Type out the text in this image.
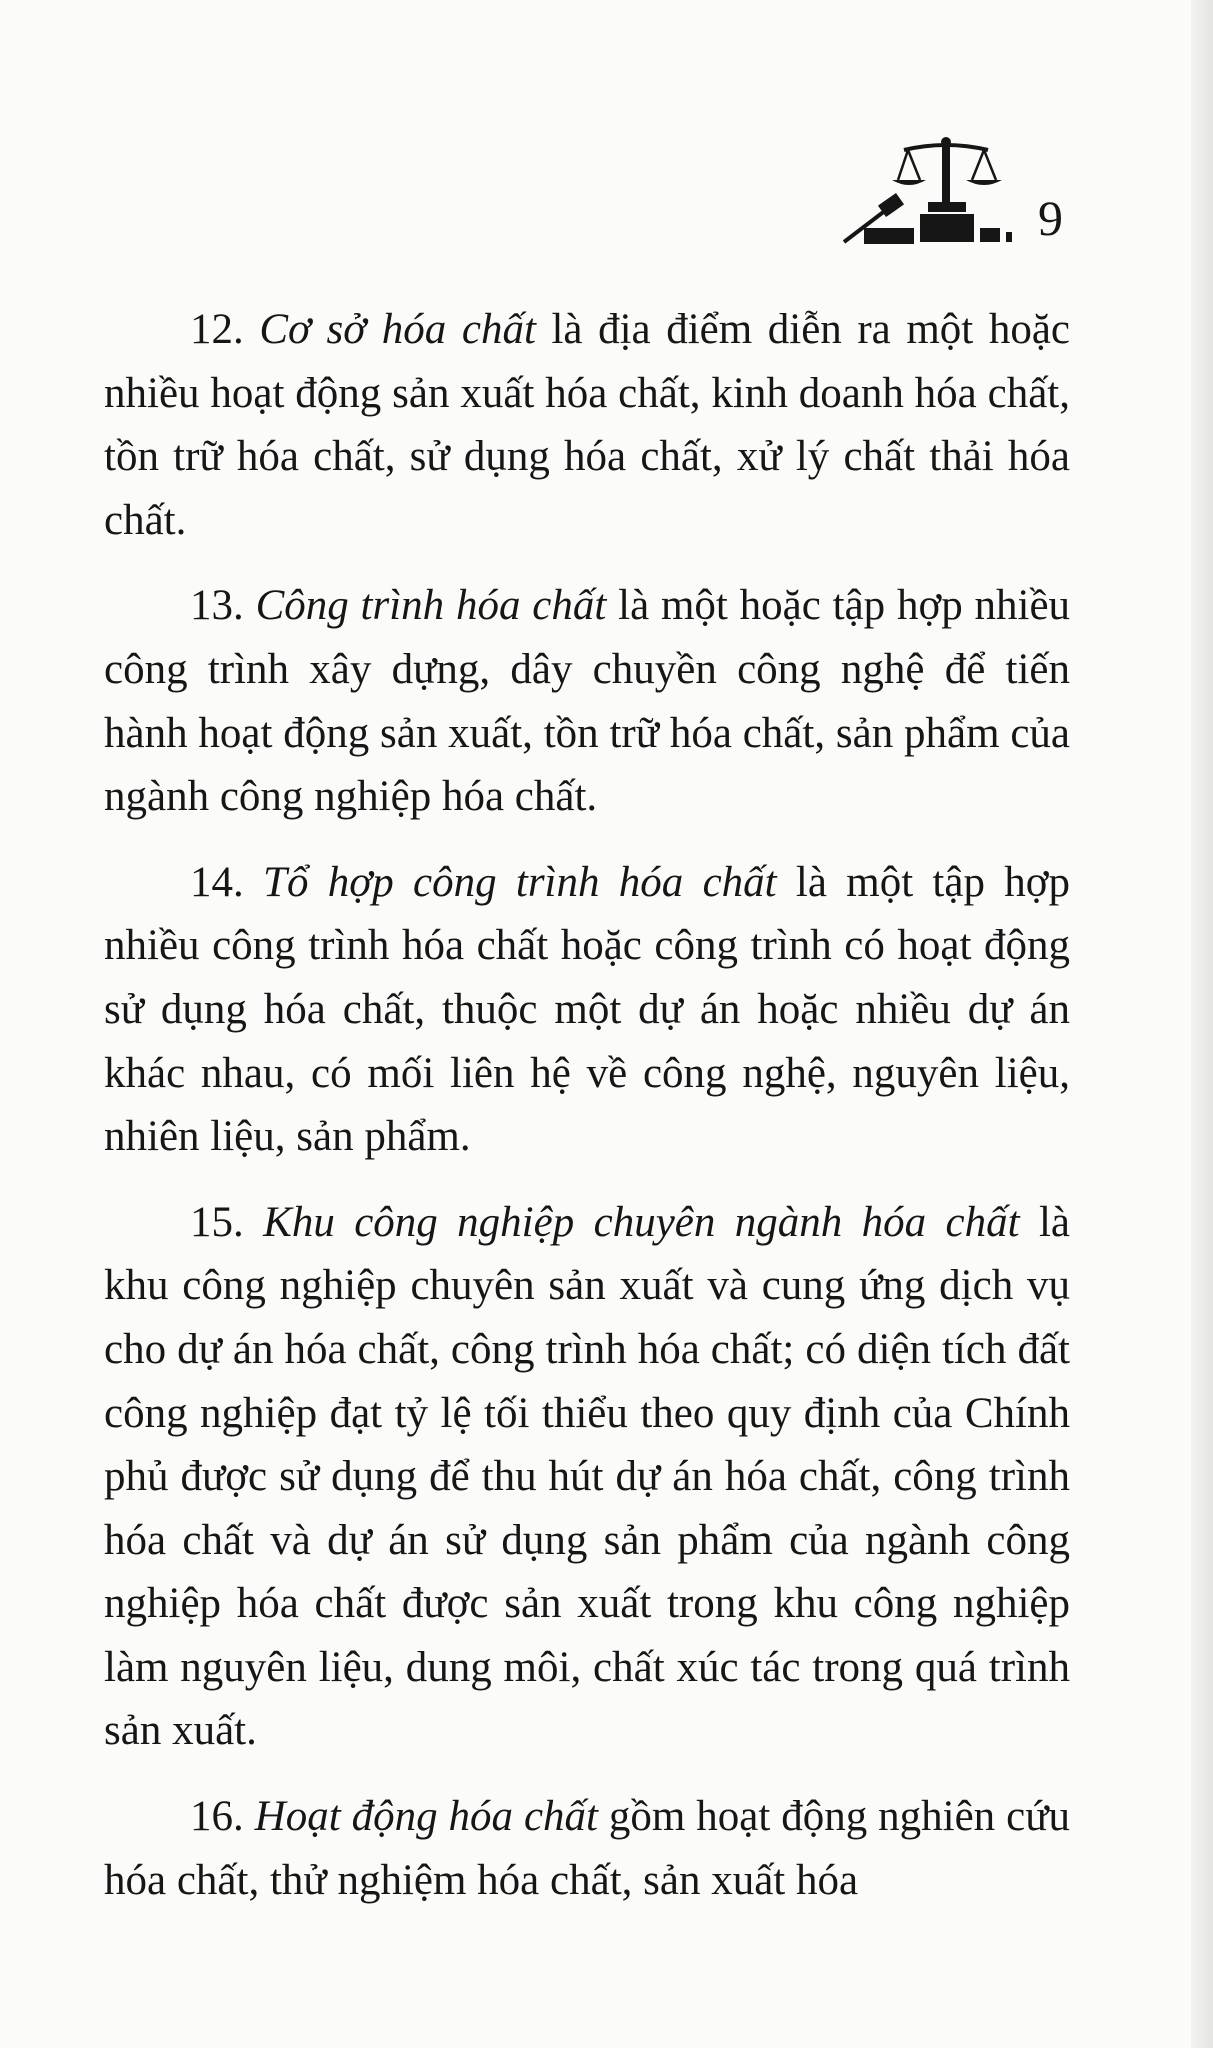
9

12. Cơ sở hóa chất là địa điểm diễn ra một hoặc nhiều hoạt động sản xuất hóa chất, kinh doanh hóa chất, tồn trữ hóa chất, sử dụng hóa chất, xử lý chất thải hóa chất.

13. Công trình hóa chất là một hoặc tập hợp nhiều công trình xây dựng, dây chuyền công nghệ để tiến hành hoạt động sản xuất, tồn trữ hóa chất, sản phẩm của ngành công nghiệp hóa chất.

14. Tổ hợp công trình hóa chất là một tập hợp nhiều công trình hóa chất hoặc công trình có hoạt động sử dụng hóa chất, thuộc một dự án hoặc nhiều dự án khác nhau, có mối liên hệ về công nghệ, nguyên liệu, nhiên liệu, sản phẩm.

15. Khu công nghiệp chuyên ngành hóa chất là khu công nghiệp chuyên sản xuất và cung ứng dịch vụ cho dự án hóa chất, công trình hóa chất; có diện tích đất công nghiệp đạt tỷ lệ tối thiểu theo quy định của Chính phủ được sử dụng để thu hút dự án hóa chất, công trình hóa chất và dự án sử dụng sản phẩm của ngành công nghiệp hóa chất được sản xuất trong khu công nghiệp làm nguyên liệu, dung môi, chất xúc tác trong quá trình sản xuất.

16. Hoạt động hóa chất gồm hoạt động nghiên cứu hóa chất, thử nghiệm hóa chất, sản xuất hóa
